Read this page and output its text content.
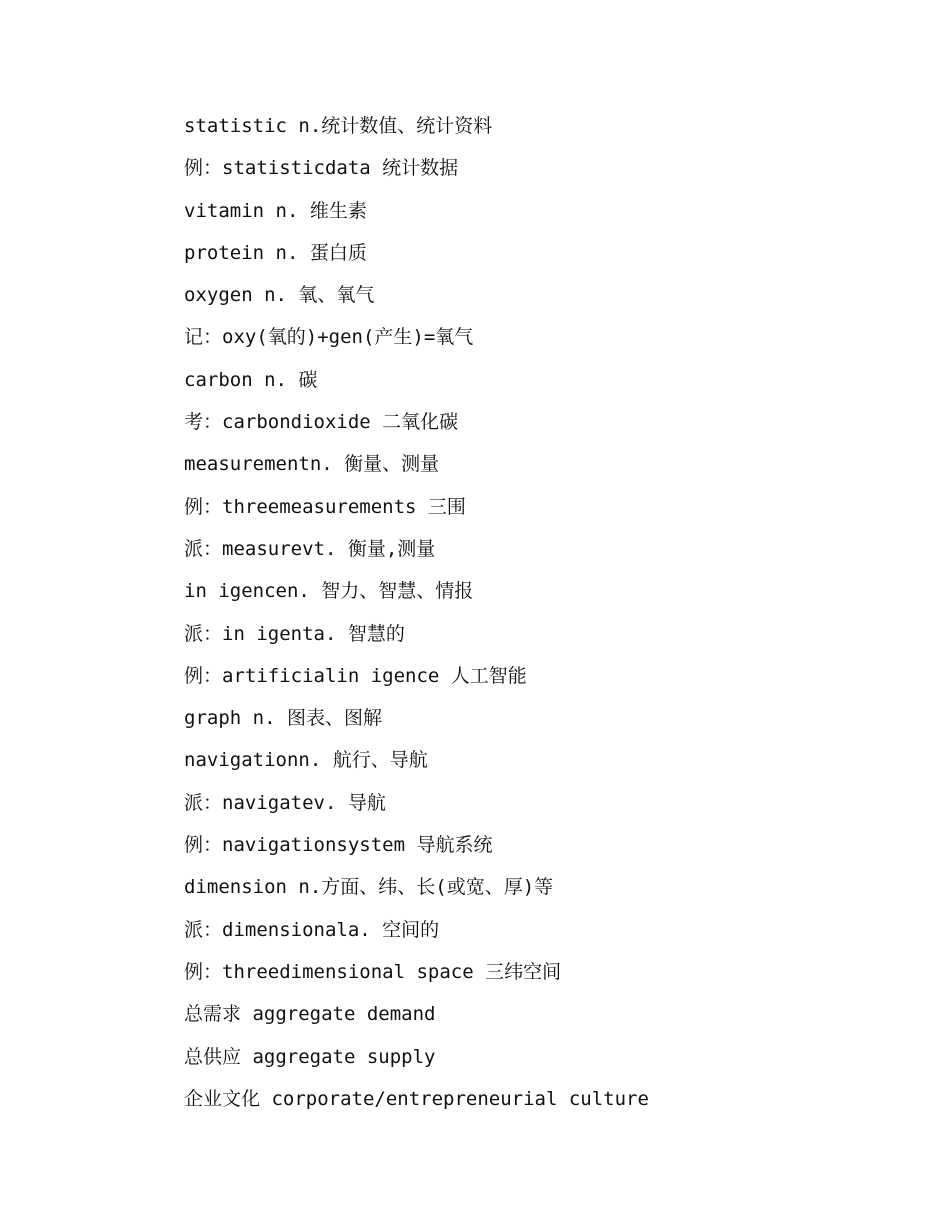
statistic n.统计数值、统计资料
例：statisticdata 统计数据
vitamin n. 维生素
protein n. 蛋白质
oxygen n. 氧、氧气
记：oxy(氧的)+gen(产生)=氧气
carbon n. 碳
考：carbondioxide 二氧化碳
measurementn. 衡量、测量
例：threemeasurements 三围
派：measurevt. 衡量,测量
in igencen. 智力、智慧、情报
派：in igenta. 智慧的
例：artificialin igence 人工智能
graph n. 图表、图解
navigationn. 航行、导航
派：navigatev. 导航
例：navigationsystem 导航系统
dimension n.方面、纬、长(或宽、厚)等
派：dimensionala. 空间的
例：threedimensional space 三纬空间
总需求 aggregate demand
总供应 aggregate supply
企业文化 corporate/entrepreneurial culture
